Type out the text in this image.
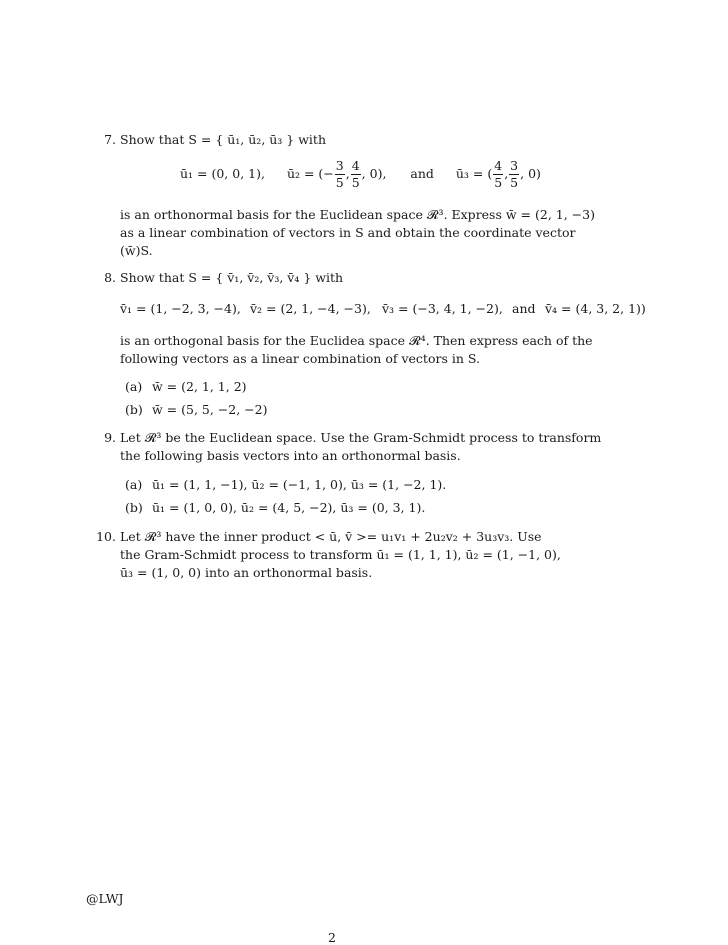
7. Show that S = { ū₁, ū₂, ū₃ } with
ū₁ = (0, 0, 1), ū₂ = (− $\frac{3}{5}$ , $\frac{4}{5}$ , 0), and ū₃ = ( $\frac{4}{5}$ , $\frac{3}{5}$ , 0)
is an orthonormal basis for the Euclidean space 𝓡³. Express w̄ = (2, 1, −3)
as a linear combination of vectors in S and obtain the coordinate vector
(w̄)S.
8. Show that S = { v̄₁, v̄₂, v̄₃, v̄₄ } with
v̄₁ = (1, −2, 3, −4), v̄₂ = (2, 1, −4, −3), v̄₃ = (−3, 4, 1, −2), and v̄₄ = (4, 3, 2, 1))
is an orthogonal basis for the Euclidea space 𝓡⁴. Then express each of the
following vectors as a linear combination of vectors in S.
(a) w̄ = (2, 1, 1, 2)
(b) w̄ = (5, 5, −2, −2)
9. Let 𝓡³ be the Euclidean space. Use the Gram-Schmidt process to transform
the following basis vectors into an orthonormal basis.
(a) ū₁ = (1, 1, −1), ū₂ = (−1, 1, 0), ū₃ = (1, −2, 1).
(b) ū₁ = (1, 0, 0), ū₂ = (4, 5, −2), ū₃ = (0, 3, 1).
10. Let 𝓡³ have the inner product < ū, v̄ >= u₁v₁ + 2u₂v₂ + 3u₃v₃. Use
the Gram-Schmidt process to transform ū₁ = (1, 1, 1), ū₂ = (1, −1, 0),
ū₃ = (1, 0, 0) into an orthonormal basis.
@LWJ
2
